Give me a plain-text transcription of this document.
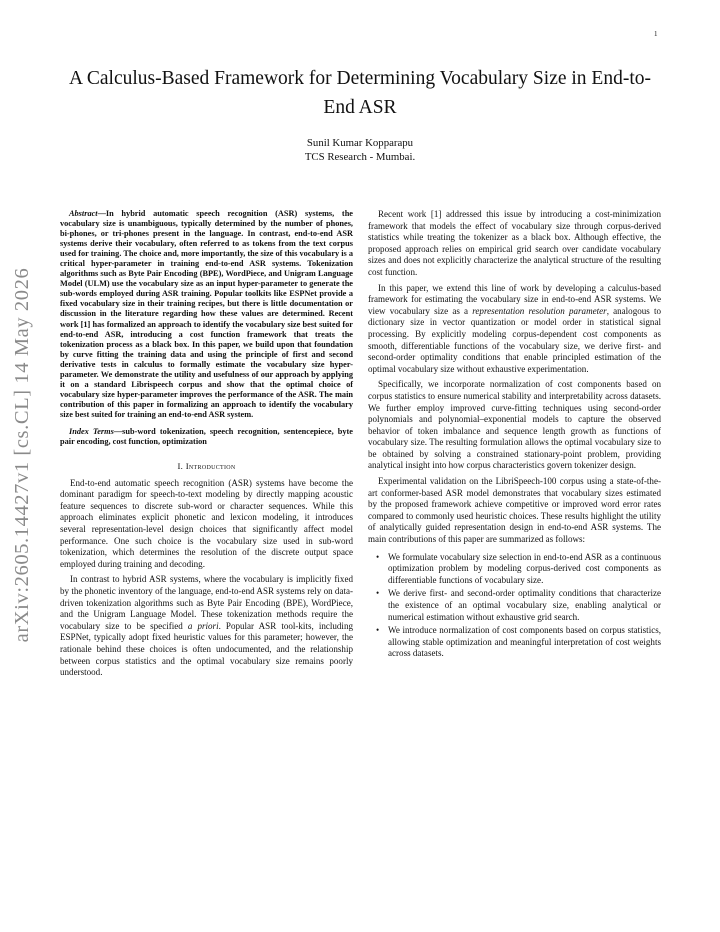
1
arXiv:2605.14427v1 [cs.CL] 14 May 2026
A Calculus-Based Framework for Determining Vocabulary Size in End-to-End ASR
Sunil Kumar Kopparapu
TCS Research - Mumbai.

Abstract—In hybrid automatic speech recognition (ASR) systems, the vocabulary size is unambiguous, typically determined by the number of phones, bi-phones, or tri-phones present in the language. In contrast, end-to-end ASR systems derive their vocabulary, often referred to as tokens from the text corpus used for training. The choice and, more importantly, the size of this vocabulary is a critical hyper-parameter in training end-to-end ASR systems. Tokenization algorithms such as Byte Pair Encoding (BPE), WordPiece, and Unigram Language Model (ULM) use the vocabulary size as an input hyper-parameter to generate the sub-words employed during ASR training. Popular toolkits like ESPNet provide a fixed vocabulary size in their training recipes, but there is little documentation or discussion in the literature regarding how these values are determined. Recent work [1] has formalized an approach to identify the vocabulary size best suited for end-to-end ASR, introducing a cost function framework that treats the tokenization process as a black box. In this paper, we build upon that foundation by curve fitting the training data and using the principle of first and second derivative tests in calculus to formally estimate the vocabulary size hyper-parameter. We demonstrate the utility and usefulness of our approach by applying it on a standard Librispeech corpus and show that the optimal choice of vocabulary size hyper-parameter improves the performance of the ASR. The main contribution of this paper in formalizing an approach to identify the vocabulary size best suited for training an end-to-end ASR system.

Index Terms—sub-word tokenization, speech recognition, sentencepiece, byte pair encoding, cost function, optimization

I. Introduction

End-to-end automatic speech recognition (ASR) systems have become the dominant paradigm for speech-to-text modeling by directly mapping acoustic feature sequences to discrete sub-word or character sequences. While this approach eliminates explicit phonetic and lexicon modeling, it introduces several representation-level design choices that significantly affect model performance. One such choice is the vocabulary size used in sub-word tokenization, which determines the resolution of the discrete output space employed during training and decoding.

In contrast to hybrid ASR systems, where the vocabulary is implicitly fixed by the phonetic inventory of the language, end-to-end ASR systems rely on data-driven tokenization algorithms such as Byte Pair Encoding (BPE), WordPiece, and the Unigram Language Model. These tokenization methods require the vocabulary size to be specified a priori. Popular ASR tool-kits, including ESPNet, typically adopt fixed heuristic values for this parameter; however, the rationale behind these choices is often undocumented, and the relationship between corpus statistics and the optimal vocabulary size remains poorly understood.

Recent work [1] addressed this issue by introducing a cost-minimization framework that models the effect of vocabulary size through corpus-derived statistics while treating the tokenizer as a black box. Although effective, the proposed approach relies on empirical grid search over candidate vocabulary sizes and does not explicitly characterize the analytical structure of the resulting cost function.

In this paper, we extend this line of work by developing a calculus-based framework for estimating the vocabulary size in end-to-end ASR systems. We view vocabulary size as a representation resolution parameter, analogous to dictionary size in vector quantization or model order in statistical signal processing. By explicitly modeling corpus-dependent cost components as smooth, differentiable functions of the vocabulary size, we derive first- and second-order optimality conditions that enable principled estimation of the optimal vocabulary size without exhaustive experimentation.

Specifically, we incorporate normalization of cost components based on corpus statistics to ensure numerical stability and interpretability across datasets. We further employ improved curve-fitting techniques using second-order polynomials and polynomial–exponential models to capture the observed behavior of token imbalance and sequence length growth as functions of vocabulary size. The resulting formulation allows the optimal vocabulary size to be obtained by solving a constrained stationary-point problem, providing analytical insight into how corpus characteristics govern tokenizer design.

Experimental validation on the LibriSpeech-100 corpus using a state-of-the-art conformer-based ASR model demonstrates that vocabulary sizes estimated by the proposed framework achieve competitive or improved word error rates compared to commonly used heuristic choices. These results highlight the utility of analytically guided representation design in end-to-end ASR systems. The main contributions of this paper are summarized as follows:

• We formulate vocabulary size selection in end-to-end ASR as a continuous optimization problem by modeling corpus-derived cost components as differentiable functions of vocabulary size.
• We derive first- and second-order optimality conditions that characterize the existence of an optimal vocabulary size, enabling analytical or numerical estimation without exhaustive grid search.
• We introduce normalization of cost components based on corpus statistics, allowing stable optimization and meaningful interpretation of cost weights across datasets.
